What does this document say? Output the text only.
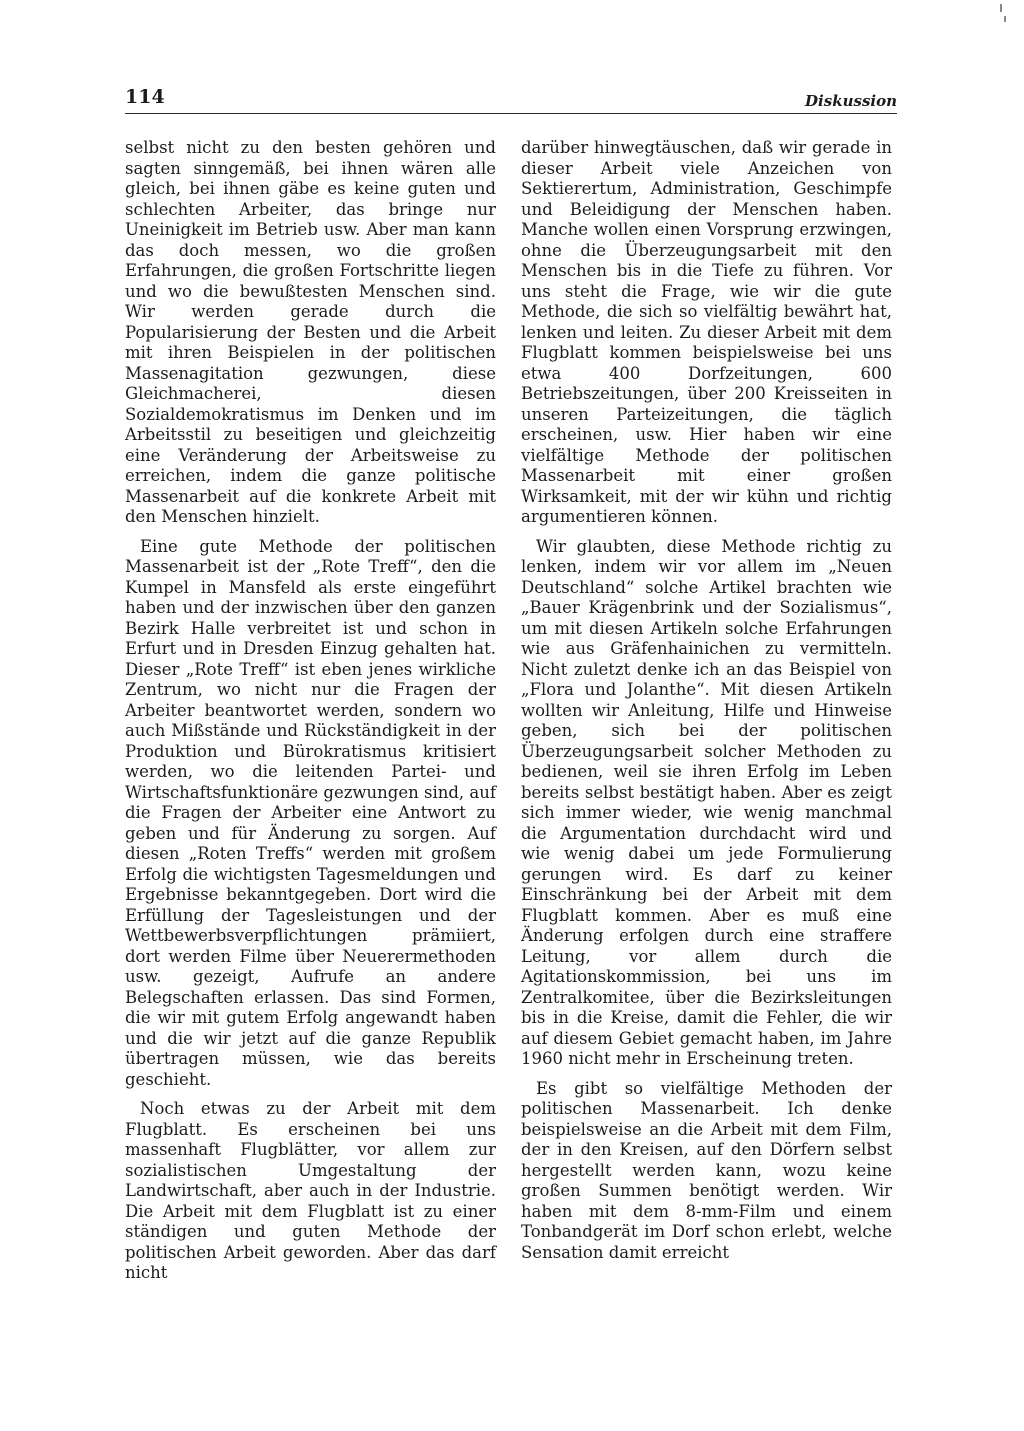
114	Diskussion

selbst nicht zu den besten gehören und sagten sinngemäß, bei ihnen wären alle gleich, bei ihnen gäbe es keine guten und schlechten Arbeiter, das bringe nur Uneinigkeit im Betrieb usw. Aber man kann das doch messen, wo die großen Erfahrungen, die großen Fortschritte liegen und wo die bewußtesten Menschen sind. Wir werden gerade durch die Popularisierung der Besten und die Arbeit mit ihren Beispielen in der politischen Massenagitation gezwungen, diese Gleichmacherei, diesen Sozialdemokratismus im Denken und im Arbeitsstil zu beseitigen und gleichzeitig eine Veränderung der Arbeitsweise zu erreichen, indem die ganze politische Massenarbeit auf die konkrete Arbeit mit den Menschen hinzielt.

Eine gute Methode der politischen Massenarbeit ist der „Rote Treff“, den die Kumpel in Mansfeld als erste eingeführt haben und der inzwischen über den ganzen Bezirk Halle verbreitet ist und schon in Erfurt und in Dresden Einzug gehalten hat. Dieser „Rote Treff“ ist eben jenes wirkliche Zentrum, wo nicht nur die Fragen der Arbeiter beantwortet werden, sondern wo auch Mißstände und Rückständigkeit in der Produktion und Bürokratismus kritisiert werden, wo die leitenden Partei- und Wirtschaftsfunktionäre gezwungen sind, auf die Fragen der Arbeiter eine Antwort zu geben und für Änderung zu sorgen. Auf diesen „Roten Treffs“ werden mit großem Erfolg die wichtigsten Tagesmeldungen und Ergebnisse bekanntgegeben. Dort wird die Erfüllung der Tagesleistungen und der Wettbewerbsverpflichtungen prämiiert, dort werden Filme über Neuerermethoden usw. gezeigt, Aufrufe an andere Belegschaften erlassen. Das sind Formen, die wir mit gutem Erfolg angewandt haben und die wir jetzt auf die ganze Republik übertragen müssen, wie das bereits geschieht.

Noch etwas zu der Arbeit mit dem Flugblatt. Es erscheinen bei uns massenhaft Flugblätter, vor allem zur sozialistischen Umgestaltung der Landwirtschaft, aber auch in der Industrie. Die Arbeit mit dem Flugblatt ist zu einer ständigen und guten Methode der politischen Arbeit geworden. Aber das darf nicht

darüber hinwegtäuschen, daß wir gerade in dieser Arbeit viele Anzeichen von Sektierertum, Administration, Geschimpfe und Beleidigung der Menschen haben. Manche wollen einen Vorsprung erzwingen, ohne die Überzeugungsarbeit mit den Menschen bis in die Tiefe zu führen. Vor uns steht die Frage, wie wir die gute Methode, die sich so vielfältig bewährt hat, lenken und leiten. Zu dieser Arbeit mit dem Flugblatt kommen beispielsweise bei uns etwa 400 Dorfzeitungen, 600 Betriebszeitungen, über 200 Kreisseiten in unseren Parteizeitungen, die täglich erscheinen, usw. Hier haben wir eine vielfältige Methode der politischen Massenarbeit mit einer großen Wirksamkeit, mit der wir kühn und richtig argumentieren können.

Wir glaubten, diese Methode richtig zu lenken, indem wir vor allem im „Neuen Deutschland“ solche Artikel brachten wie „Bauer Krägenbrink und der Sozialismus“, um mit diesen Artikeln solche Erfahrungen wie aus Gräfenhainichen zu vermitteln. Nicht zuletzt denke ich an das Beispiel von „Flora und Jolanthe“. Mit diesen Artikeln wollten wir Anleitung, Hilfe und Hinweise geben, sich bei der politischen Überzeugungsarbeit solcher Methoden zu bedienen, weil sie ihren Erfolg im Leben bereits selbst bestätigt haben. Aber es zeigt sich immer wieder, wie wenig manchmal die Argumentation durchdacht wird und wie wenig dabei um jede Formulierung gerungen wird. Es darf zu keiner Einschränkung bei der Arbeit mit dem Flugblatt kommen. Aber es muß eine Änderung erfolgen durch eine straffere Leitung, vor allem durch die Agitationskommission, bei uns im Zentralkomitee, über die Bezirksleitungen bis in die Kreise, damit die Fehler, die wir auf diesem Gebiet gemacht haben, im Jahre 1960 nicht mehr in Erscheinung treten.

Es gibt so vielfältige Methoden der politischen Massenarbeit. Ich denke beispielsweise an die Arbeit mit dem Film, der in den Kreisen, auf den Dörfern selbst hergestellt werden kann, wozu keine großen Summen benötigt werden. Wir haben mit dem 8-mm-Film und einem Tonbandgerät im Dorf schon erlebt, welche Sensation damit erreicht
